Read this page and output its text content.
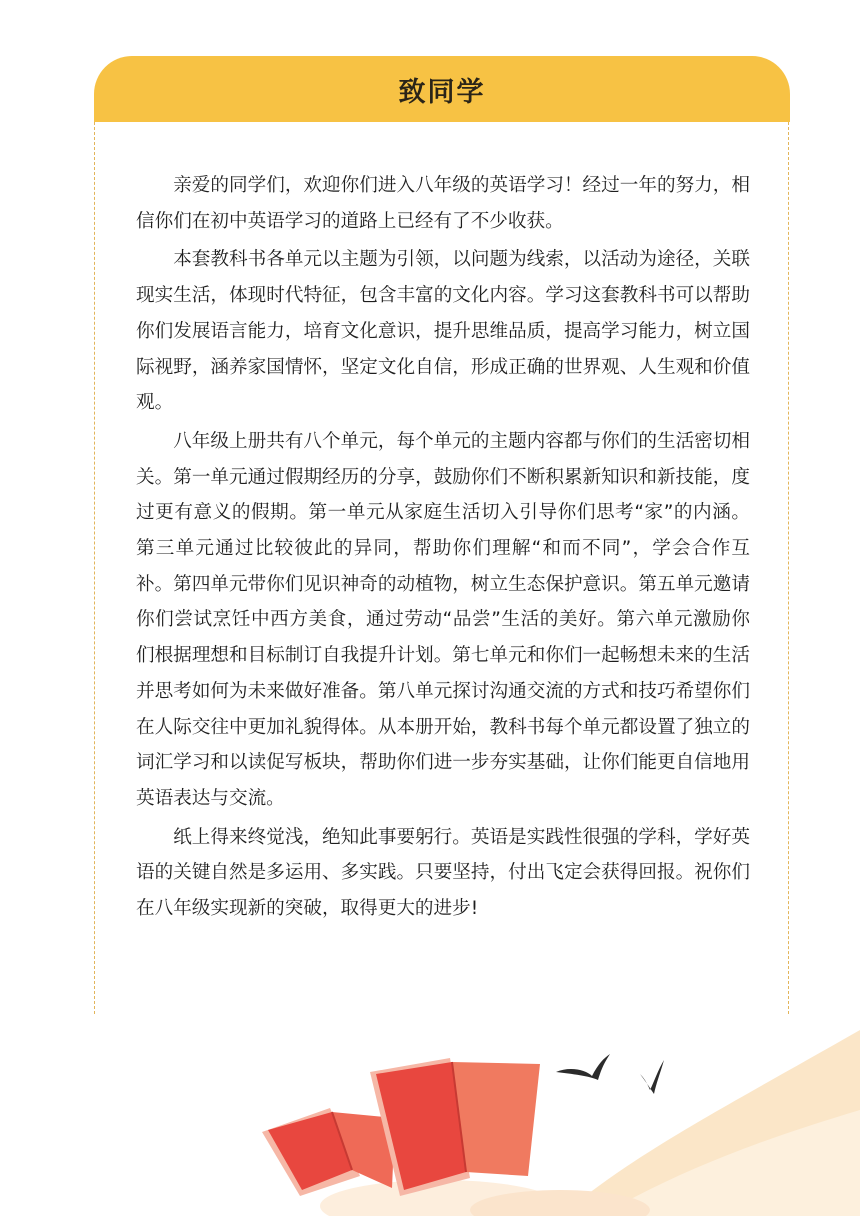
致同学

亲爱的同学们，欢迎你们进入八年级的英语学习！经过一年的努力，相信你们在初中英语学习的道路上已经有了不少收获。

本套教科书各单元以主题为引领，以问题为线索，以活动为途径，关联现实生活，体现时代特征，包含丰富的文化内容。学习这套教科书可以帮助你们发展语言能力，培育文化意识，提升思维品质，提高学习能力，树立国际视野，涵养家国情怀，坚定文化自信，形成正确的世界观、人生观和价值观。

八年级上册共有八个单元，每个单元的主题内容都与你们的生活密切相关。第一单元通过假期经历的分享，鼓励你们不断积累新知识和新技能，度过更有意义的假期。第一单元从家庭生活切入引导你们思考“家”的内涵。第三单元通过比较彼此的异同，帮助你们理解“和而不同”，学会合作互补。第四单元带你们见识神奇的动植物，树立生态保护意识。第五单元邀请你们尝试烹饪中西方美食，通过劳动“品尝”生活的美好。第六单元激励你们根据理想和目标制订自我提升计划。第七单元和你们一起畅想未来的生活并思考如何为未来做好准备。第八单元探讨沟通交流的方式和技巧希望你们在人际交往中更加礼貌得体。从本册开始，教科书每个单元都设置了独立的词汇学习和以读促写板块，帮助你们进一步夯实基础，让你们能更自信地用英语表达与交流。

纸上得来终觉浅，绝知此事要躬行。英语是实践性很强的学科，学好英语的关键自然是多运用、多实践。只要坚持，付出飞定会获得回报。祝你们在八年级实现新的突破，取得更大的进步!
